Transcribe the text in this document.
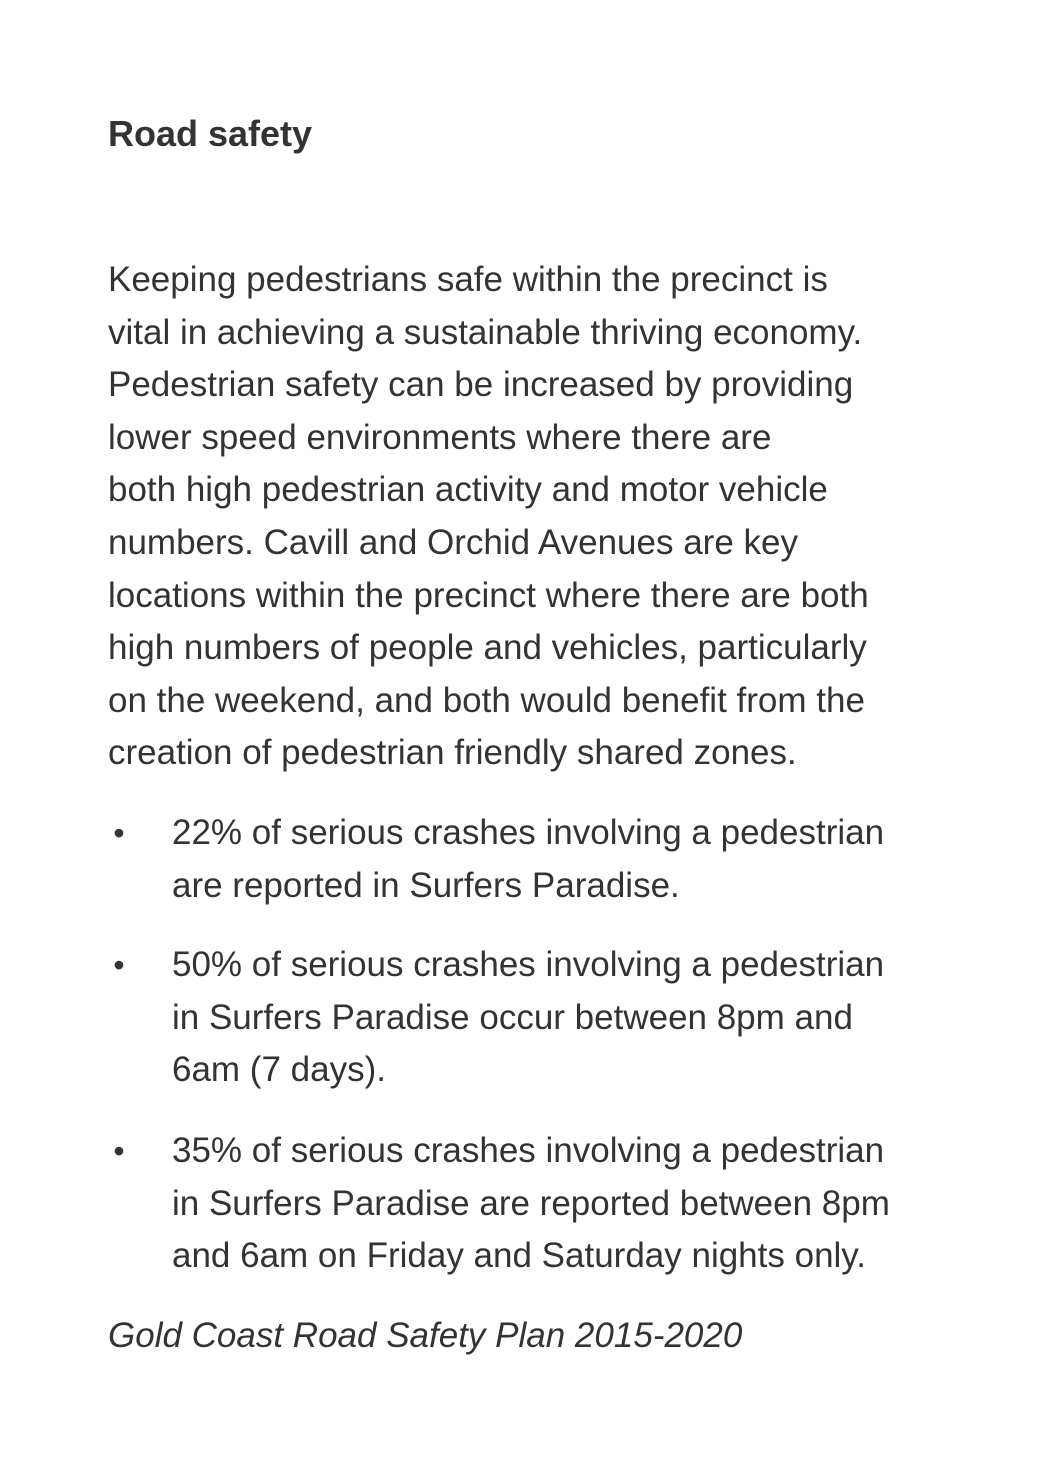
Road safety

Keeping pedestrians safe within the precinct is
vital in achieving a sustainable thriving economy.
Pedestrian safety can be increased by providing
lower speed environments where there are
both high pedestrian activity and motor vehicle
numbers. Cavill and Orchid Avenues are key
locations within the precinct where there are both
high numbers of people and vehicles, particularly
on the weekend, and both would benefit from the
creation of pedestrian friendly shared zones.

• 22% of serious crashes involving a pedestrian
are reported in Surfers Paradise.
• 50% of serious crashes involving a pedestrian
in Surfers Paradise occur between 8pm and
6am (7 days).
• 35% of serious crashes involving a pedestrian
in Surfers Paradise are reported between 8pm
and 6am on Friday and Saturday nights only.

Gold Coast Road Safety Plan 2015-2020
